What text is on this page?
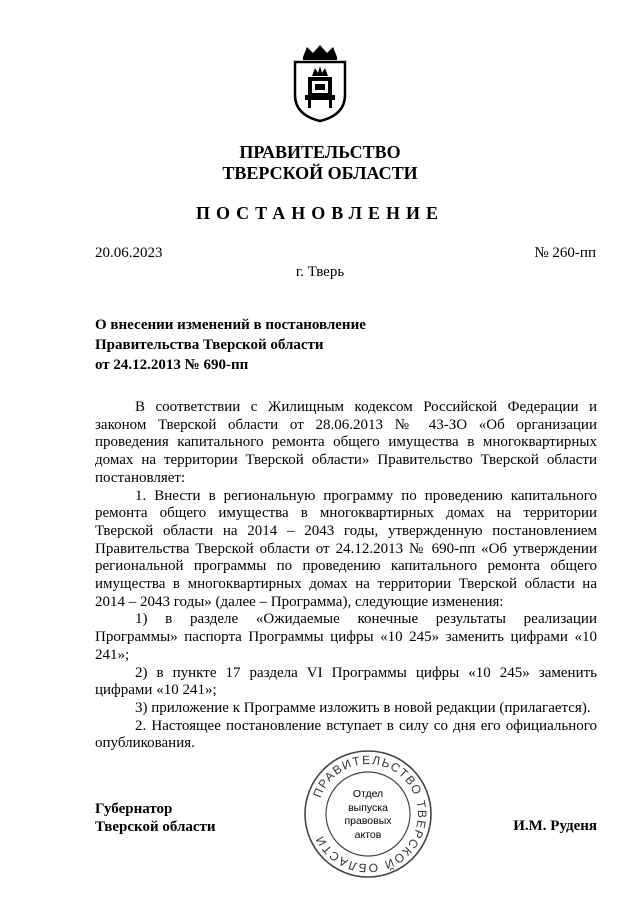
ПРАВИТЕЛЬСТВО
ТВЕРСКОЙ ОБЛАСТИ
ПОСТАНОВЛЕНИЕ
20.06.2023	№ 260-пп
г. Тверь
О внесении изменений в постановление
Правительства Тверской области
от 24.12.2013 № 690-пп

В соответствии с Жилищным кодексом Российской Федерации и законом Тверской области от 28.06.2013 № 43-ЗО «Об организации проведения капитального ремонта общего имущества в многоквартирных домах на территории Тверской области» Правительство Тверской области постановляет:

1. Внести в региональную программу по проведению капитального ремонта общего имущества в многоквартирных домах на территории Тверской области на 2014 – 2043 годы, утвержденную постановлением Правительства Тверской области от 24.12.2013 № 690-пп «Об утверждении региональной программы по проведению капитального ремонта общего имущества в многоквартирных домах на территории Тверской области на 2014 – 2043 годы» (далее – Программа), следующие изменения:

1) в разделе «Ожидаемые конечные результаты реализации Программы» паспорта Программы цифры «10 245» заменить цифрами «10 241»;

2) в пункте 17 раздела VI Программы цифры «10 245» заменить цифрами «10 241»;

3) приложение к Программе изложить в новой редакции (прилагается).

2. Настоящее постановление вступает в силу со дня его официального опубликования.

Губернатор
Тверской области	И.М. Руденя
ПРАВИТЕЛЬСТВО ТВЕРСКОЙ ОБЛАСТИ
Отдел
выпуска
правовых
актов
